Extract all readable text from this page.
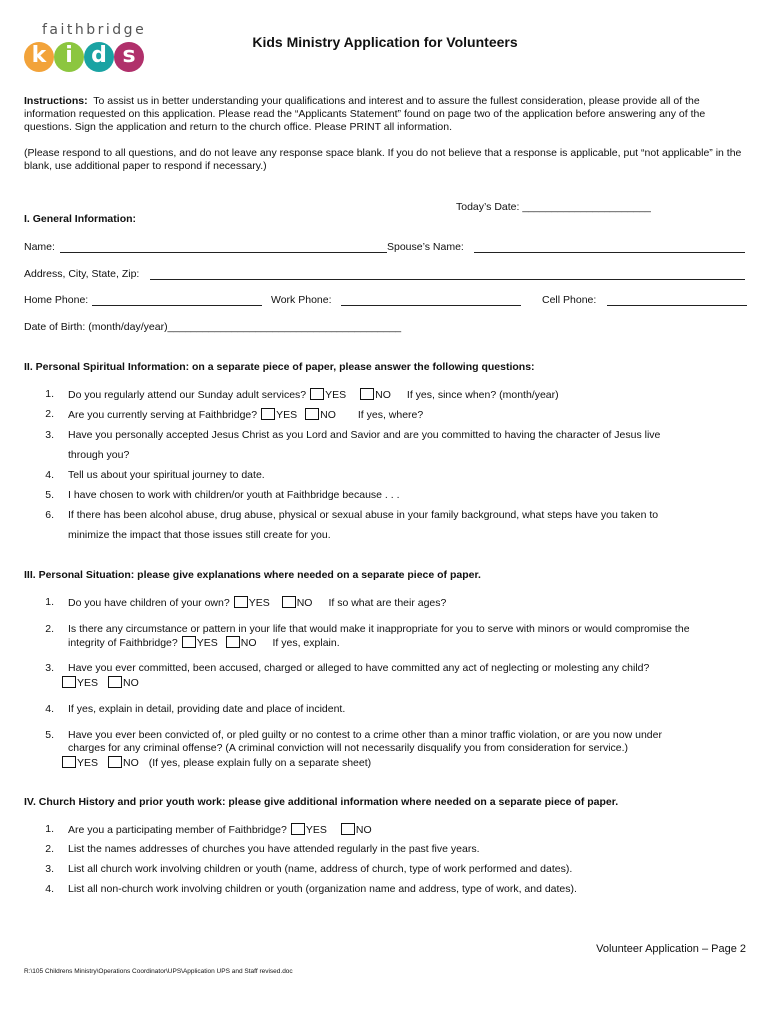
faithbridge
k i d s
Kids Ministry Application for Volunteers

Instructions: To assist us in better understanding your qualifications and interest and to assure the fullest consideration, please provide all of the information requested on this application. Please read the “Applicants Statement” found on page two of the application before answering any of the questions. Sign the application and return to the church office. Please PRINT all information.

(Please respond to all questions, and do not leave any response space blank. If you do not believe that a response is applicable, put “not applicable” in the blank, use additional paper to respond if necessary.)

Today’s Date: ______________________
I. General Information:
Name:	Spouse’s Name:
Address, City, State, Zip:
Home Phone:	Work Phone:	Cell Phone:
Date of Birth: (month/day/year)________________________________________
II. Personal Spiritual Information: on a separate piece of paper, please answer the following questions:
1. Do you regularly attend our Sunday adult services? YES	NO If yes, since when? (month/year)
2. Are you currently serving at Faithbridge? YES NO If yes, where?
3. Have you personally accepted Jesus Christ as you Lord and Savior and are you committed to having the character of Jesus live
through you?
4. Tell us about your spiritual journey to date.
5. I have chosen to work with children/or youth at Faithbridge because . . .
6. If there has been alcohol abuse, drug abuse, physical or sexual abuse in your family background, what steps have you taken to
minimize the impact that those issues still create for you.
III. Personal Situation: please give explanations where needed on a separate piece of paper.
1. Do you have children of your own? YES	NO If so what are their ages?
2. Is there any circumstance or pattern in your life that would make it inappropriate for you to serve with minors or would compromise the
integrity of Faithbridge? YES NO If yes, explain.
3. Have you ever committed, been accused, charged or alleged to have committed any act of neglecting or molesting any child?
YES NO
4. If yes, explain in detail, providing date and place of incident.
5. Have you ever been convicted of, or pled guilty or no contest to a crime other than a minor traffic violation, or are you now under
charges for any criminal offense? (A criminal conviction will not necessarily disqualify you from consideration for service.)
YES NO (If yes, please explain fully on a separate sheet)
IV. Church History and prior youth work: please give additional information where needed on a separate piece of paper.
1. Are you a participating member of Faithbridge? YES	NO
2. List the names addresses of churches you have attended regularly in the past five years.
3. List all church work involving children or youth (name, address of church, type of work performed and dates).
4. List all non-church work involving children or youth (organization name and address, type of work, and dates).
Volunteer Application – Page 2
R:\105 Childrens Ministry\Operations Coordinator\UPS\Application UPS and Staff revised.doc
